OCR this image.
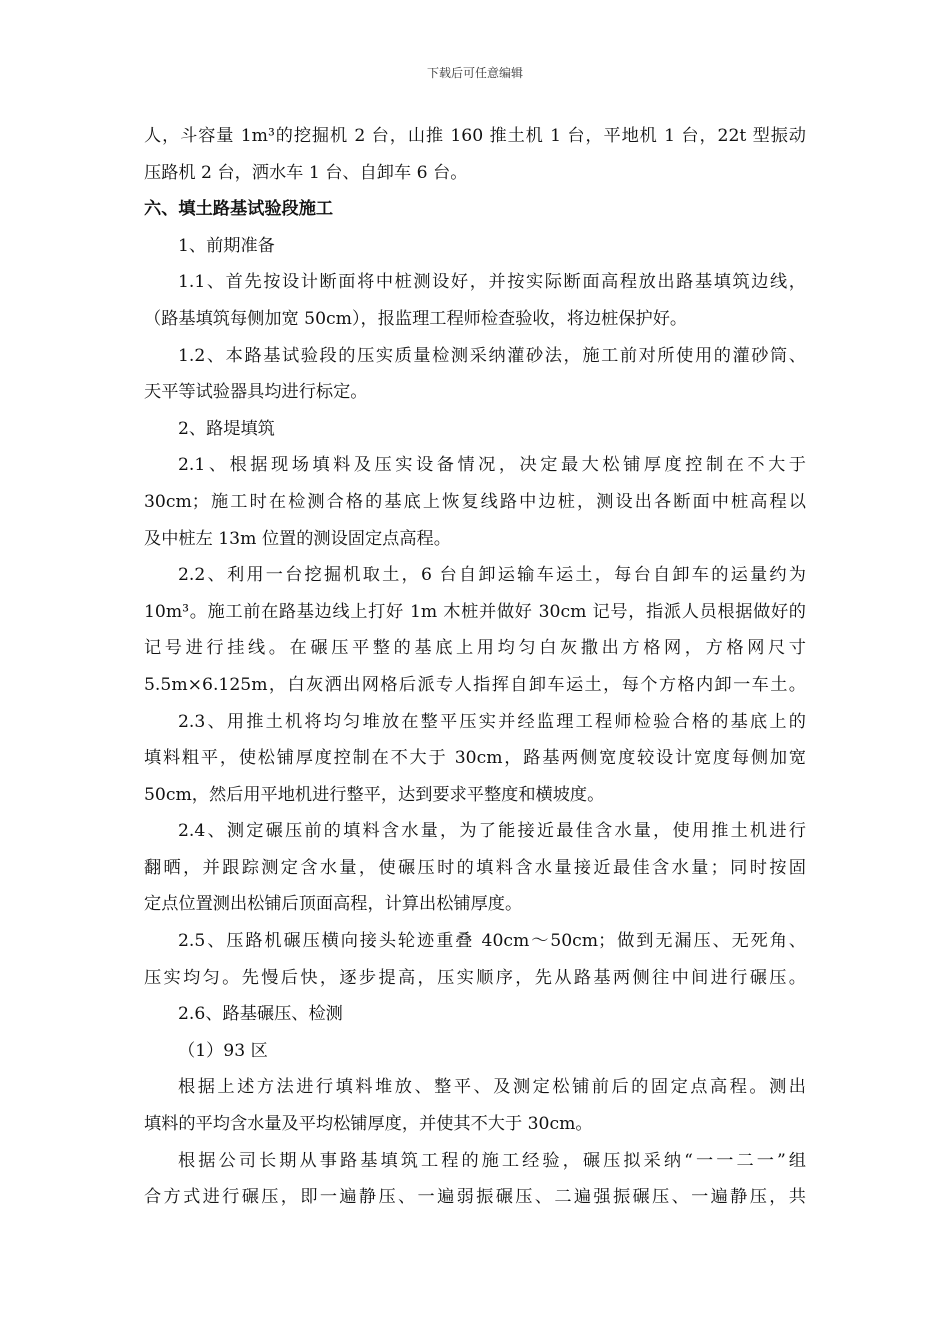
下载后可任意编辑

人，斗容量 1m³的挖掘机 2 台，山推 160 推土机 1 台，平地机 1 台，22t 型振动

压路机 2 台，洒水车 1 台、自卸车 6 台。

六、填土路基试验段施工

1、前期准备

1.1、首先按设计断面将中桩测设好，并按实际断面高程放出路基填筑边线，

（路基填筑每侧加宽 50cm），报监理工程师检查验收，将边桩保护好。

1.2、本路基试验段的压实质量检测采纳灌砂法，施工前对所使用的灌砂筒、

天平等试验器具均进行标定。

2、路堤填筑

2.1、根据现场填料及压实设备情况，决定最大松铺厚度控制在不大于

30cm；施工时在检测合格的基底上恢复线路中边桩，测设出各断面中桩高程以

及中桩左 13m 位置的测设固定点高程。

2.2、利用一台挖掘机取土，6 台自卸运输车运土，每台自卸车的运量约为

10m³。施工前在路基边线上打好 1m 木桩并做好 30cm 记号，指派人员根据做好的

记号进行挂线。在碾压平整的基底上用均匀白灰撒出方格网，方格网尺寸

5.5m×6.125m，白灰洒出网格后派专人指挥自卸车运土，每个方格内卸一车土。

2.3、用推土机将均匀堆放在整平压实并经监理工程师检验合格的基底上的

填料粗平，使松铺厚度控制在不大于 30cm，路基两侧宽度较设计宽度每侧加宽

50cm，然后用平地机进行整平，达到要求平整度和横坡度。

2.4、测定碾压前的填料含水量，为了能接近最佳含水量，使用推土机进行

翻晒，并跟踪测定含水量，使碾压时的填料含水量接近最佳含水量；同时按固

定点位置测出松铺后顶面高程，计算出松铺厚度。

2.5、压路机碾压横向接头轮迹重叠 40cm～50cm；做到无漏压、无死角、

压实均匀。先慢后快，逐步提高，压实顺序，先从路基两侧往中间进行碾压。

2.6、路基碾压、检测

（1）93 区

根据上述方法进行填料堆放、整平、及测定松铺前后的固定点高程。测出

填料的平均含水量及平均松铺厚度，并使其不大于 30cm。

根据公司长期从事路基填筑工程的施工经验，碾压拟采纳“一一二一”组

合方式进行碾压，即一遍静压、一遍弱振碾压、二遍强振碾压、一遍静压，共
